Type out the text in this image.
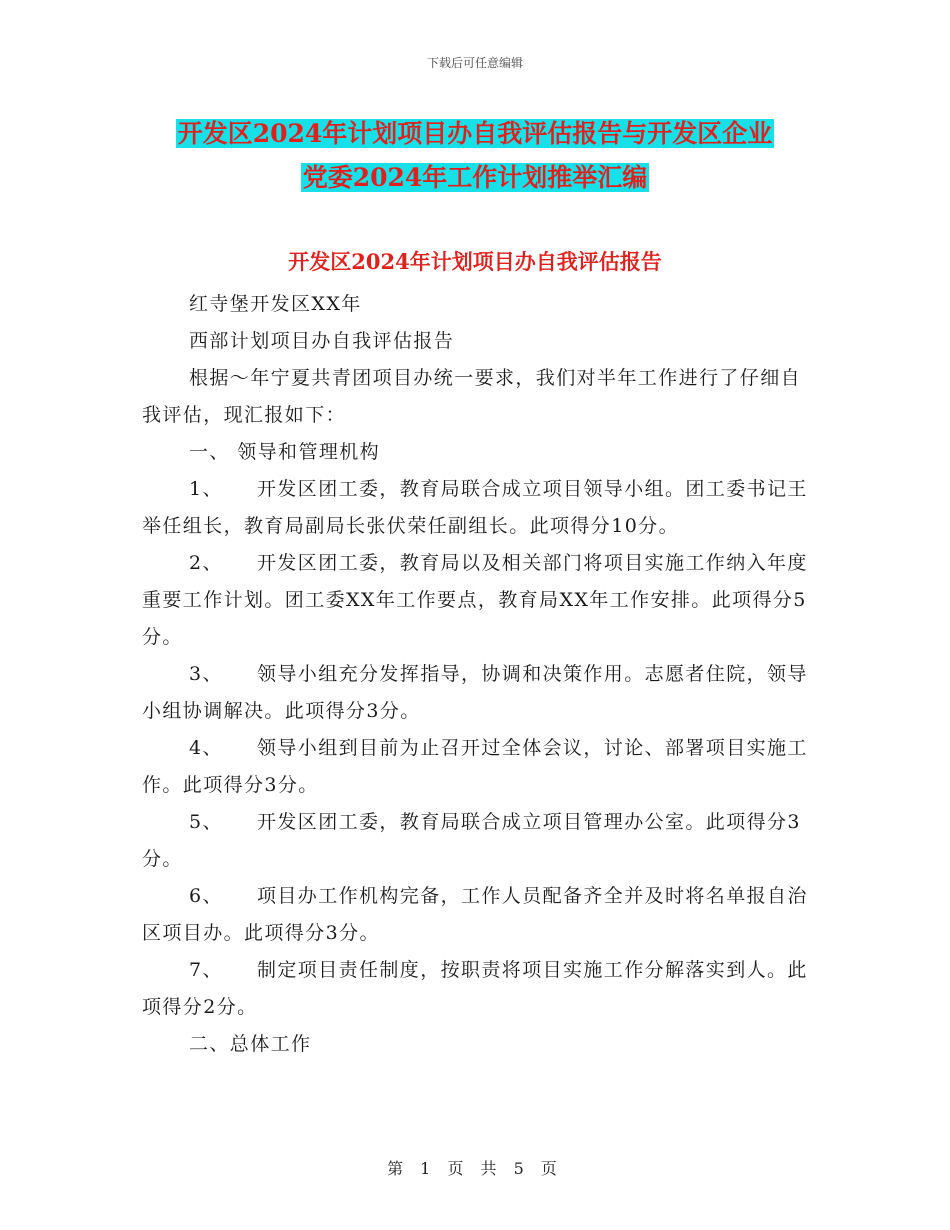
下载后可任意编辑
开发区2024年计划项目办自我评估报告与开发区企业
党委2024年工作计划推举汇编
开发区2024年计划项目办自我评估报告

红寺堡开发区XX年

西部计划项目办自我评估报告

根据～年宁夏共青团项目办统一要求，我们对半年工作进行了仔细自我评估，现汇报如下：

一、 领导和管理机构

1、 开发区团工委，教育局联合成立项目领导小组。团工委书记王举任组长，教育局副局长张伏荣任副组长。此项得分10分。

2、 开发区团工委，教育局以及相关部门将项目实施工作纳入年度重要工作计划。团工委XX年工作要点，教育局XX年工作安排。此项得分5分。

3、 领导小组充分发挥指导，协调和决策作用。志愿者住院，领导小组协调解决。此项得分3分。

4、 领导小组到目前为止召开过全体会议，讨论、部署项目实施工作。此项得分3分。

5、 开发区团工委，教育局联合成立项目管理办公室。此项得分3分。

6、 项目办工作机构完备，工作人员配备齐全并及时将名单报自治区项目办。此项得分3分。

7、 制定项目责任制度，按职责将项目实施工作分解落实到人。此项得分2分。

二、总体工作

第 1 页 共 5 页
